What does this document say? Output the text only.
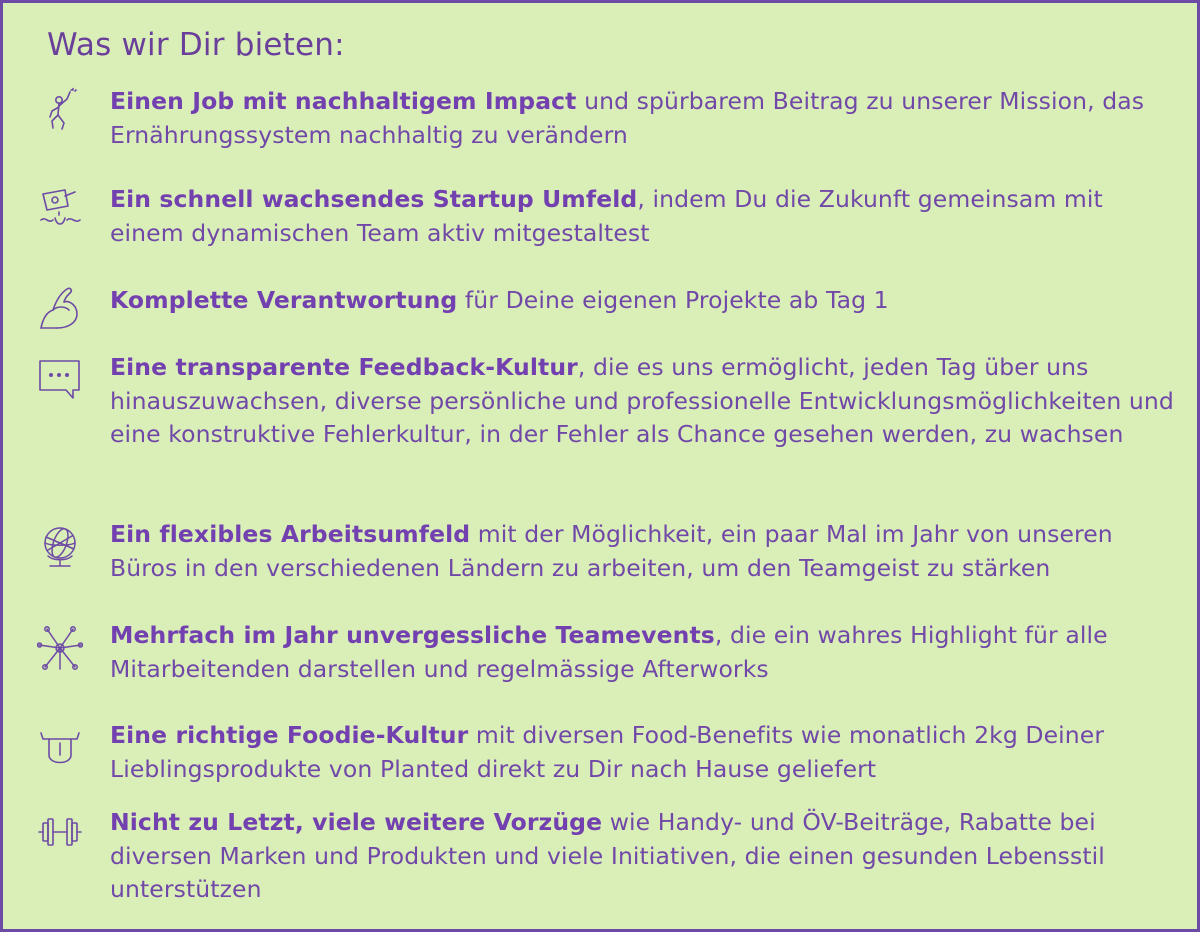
Was wir Dir bieten:

Einen Job mit nachhaltigem Impact und spürbarem Beitrag zu unserer Mission, das Ernährungssystem nachhaltig zu verändern

Ein schnell wachsendes Startup Umfeld, indem Du die Zukunft gemeinsam mit einem dynamischen Team aktiv mitgestaltest

Komplette Verantwortung für Deine eigenen Projekte ab Tag 1

Eine transparente Feedback-Kultur, die es uns ermöglicht, jeden Tag über uns hinauszuwachsen, diverse persönliche und professionelle Entwicklungsmöglichkeiten und eine konstruktive Fehlerkultur, in der Fehler als Chance gesehen werden, zu wachsen

Ein flexibles Arbeitsumfeld mit der Möglichkeit, ein paar Mal im Jahr von unseren Büros in den verschiedenen Ländern zu arbeiten, um den Teamgeist zu stärken

Mehrfach im Jahr unvergessliche Teamevents, die ein wahres Highlight für alle Mitarbeitenden darstellen und regelmässige Afterworks

Eine richtige Foodie-Kultur mit diversen Food-Benefits wie monatlich 2kg Deiner Lieblingsprodukte von Planted direkt zu Dir nach Hause geliefert

Nicht zu Letzt, viele weitere Vorzüge wie Handy- und ÖV-Beiträge, Rabatte bei diversen Marken und Produkten und viele Initiativen, die einen gesunden Lebensstil unterstützen
